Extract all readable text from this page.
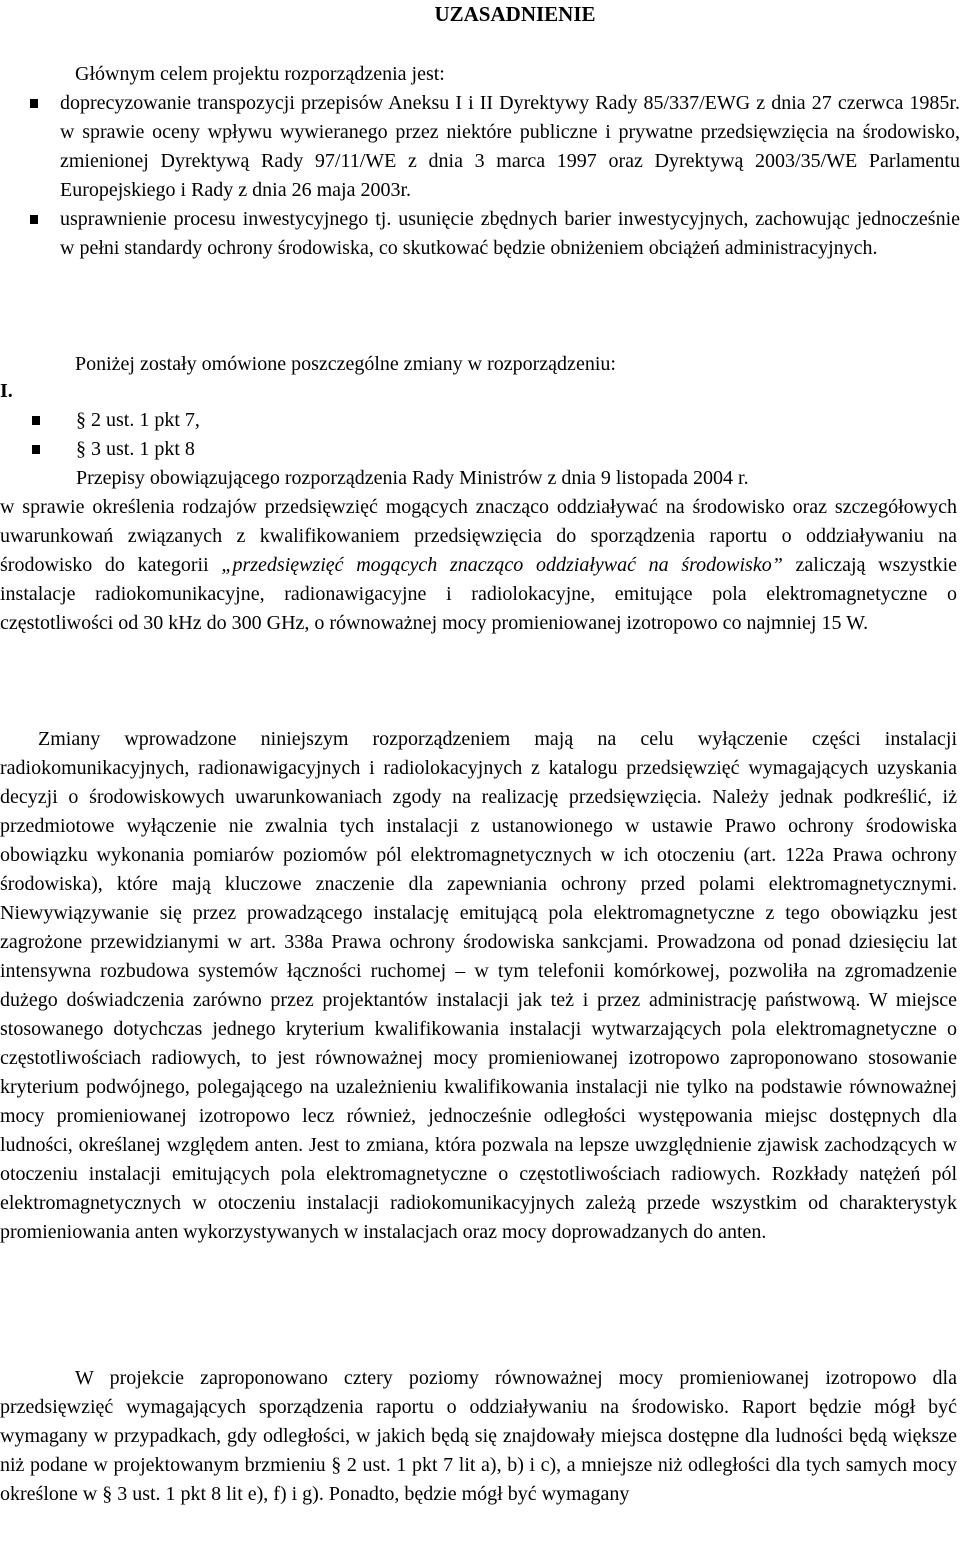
UZASADNIENIE
Głównym celem projektu rozporządzenia jest:
doprecyzowanie transpozycji przepisów Aneksu I i II Dyrektywy Rady 85/337/EWG z dnia 27 czerwca 1985r. w sprawie oceny wpływu wywieranego przez niektóre publiczne i prywatne przedsięwzięcia na środowisko, zmienionej Dyrektywą Rady 97/11/WE z dnia 3 marca 1997 oraz Dyrektywą 2003/35/WE Parlamentu Europejskiego i Rady z dnia 26 maja 2003r.
usprawnienie procesu inwestycyjnego tj. usunięcie zbędnych barier inwestycyjnych, zachowując jednocześnie w pełni standardy ochrony środowiska, co skutkować będzie obniżeniem obciążeń administracyjnych.
Poniżej zostały omówione poszczególne zmiany w rozporządzeniu:
I.
§ 2 ust. 1 pkt 7,
§ 3 ust. 1 pkt 8
Przepisy obowiązującego rozporządzenia Rady Ministrów z dnia 9 listopada 2004 r.
w sprawie określenia rodzajów przedsięwzięć mogących znacząco oddziaływać na środowisko oraz szczegółowych uwarunkowań związanych z kwalifikowaniem przedsięwzięcia do sporządzenia raportu o oddziaływaniu na środowisko do kategorii „przedsięwzięć mogących znacząco oddziaływać na środowisko” zaliczają wszystkie instalacje radiokomunikacyjne, radionawigacyjne i radiolokacyjne, emitujące pola elektromagnetyczne o częstotliwości od 30 kHz do 300 GHz, o równoważnej mocy promieniowanej izotropowo co najmniej 15 W.
Zmiany wprowadzone niniejszym rozporządzeniem mają na celu wyłączenie części instalacji radiokomunikacyjnych, radionawigacyjnych i radiolokacyjnych z katalogu przedsięwzięć wymagających uzyskania decyzji o środowiskowych uwarunkowaniach zgody na realizację przedsięwzięcia. Należy jednak podkreślić, iż przedmiotowe wyłączenie nie zwalnia tych instalacji z ustanowionego w ustawie Prawo ochrony środowiska obowiązku wykonania pomiarów poziomów pól elektromagnetycznych w ich otoczeniu (art. 122a Prawa ochrony środowiska), które mają kluczowe znaczenie dla zapewniania ochrony przed polami elektromagnetycznymi. Niewywiązywanie się przez prowadzącego instalację emitującą pola elektromagnetyczne z tego obowiązku jest zagrożone przewidzianymi w art. 338a Prawa ochrony środowiska sankcjami. Prowadzona od ponad dziesięciu lat intensywna rozbudowa systemów łączności ruchomej – w tym telefonii komórkowej, pozwoliła na zgromadzenie dużego doświadczenia zarówno przez projektantów instalacji jak też i przez administrację państwową. W miejsce stosowanego dotychczas jednego kryterium kwalifikowania instalacji wytwarzających pola elektromagnetyczne o częstotliwościach radiowych, to jest równoważnej mocy promieniowanej izotropowo zaproponowano stosowanie kryterium podwójnego, polegającego na uzależnieniu kwalifikowania instalacji nie tylko na podstawie równoważnej mocy promieniowanej izotropowo lecz również, jednocześnie odległości występowania miejsc dostępnych dla ludności, określanej względem anten. Jest to zmiana, która pozwala na lepsze uwzględnienie zjawisk zachodzących w otoczeniu instalacji emitujących pola elektromagnetyczne o częstotliwościach radiowych. Rozkłady natężeń pól elektromagnetycznych w otoczeniu instalacji radiokomunikacyjnych zależą przede wszystkim od charakterystyk promieniowania anten wykorzystywanych w instalacjach oraz mocy doprowadzanych do anten.
W projekcie zaproponowano cztery poziomy równoważnej mocy promieniowanej izotropowo dla przedsięwzięć wymagających sporządzenia raportu o oddziaływaniu na środowisko. Raport będzie mógł być wymagany w przypadkach, gdy odległości, w jakich będą się znajdowały miejsca dostępne dla ludności będą większe niż podane w projektowanym brzmieniu § 2 ust. 1 pkt 7 lit a), b) i c), a mniejsze niż odległości dla tych samych mocy określone w § 3 ust. 1 pkt 8 lit e), f) i g). Ponadto, będzie mógł być wymagany
